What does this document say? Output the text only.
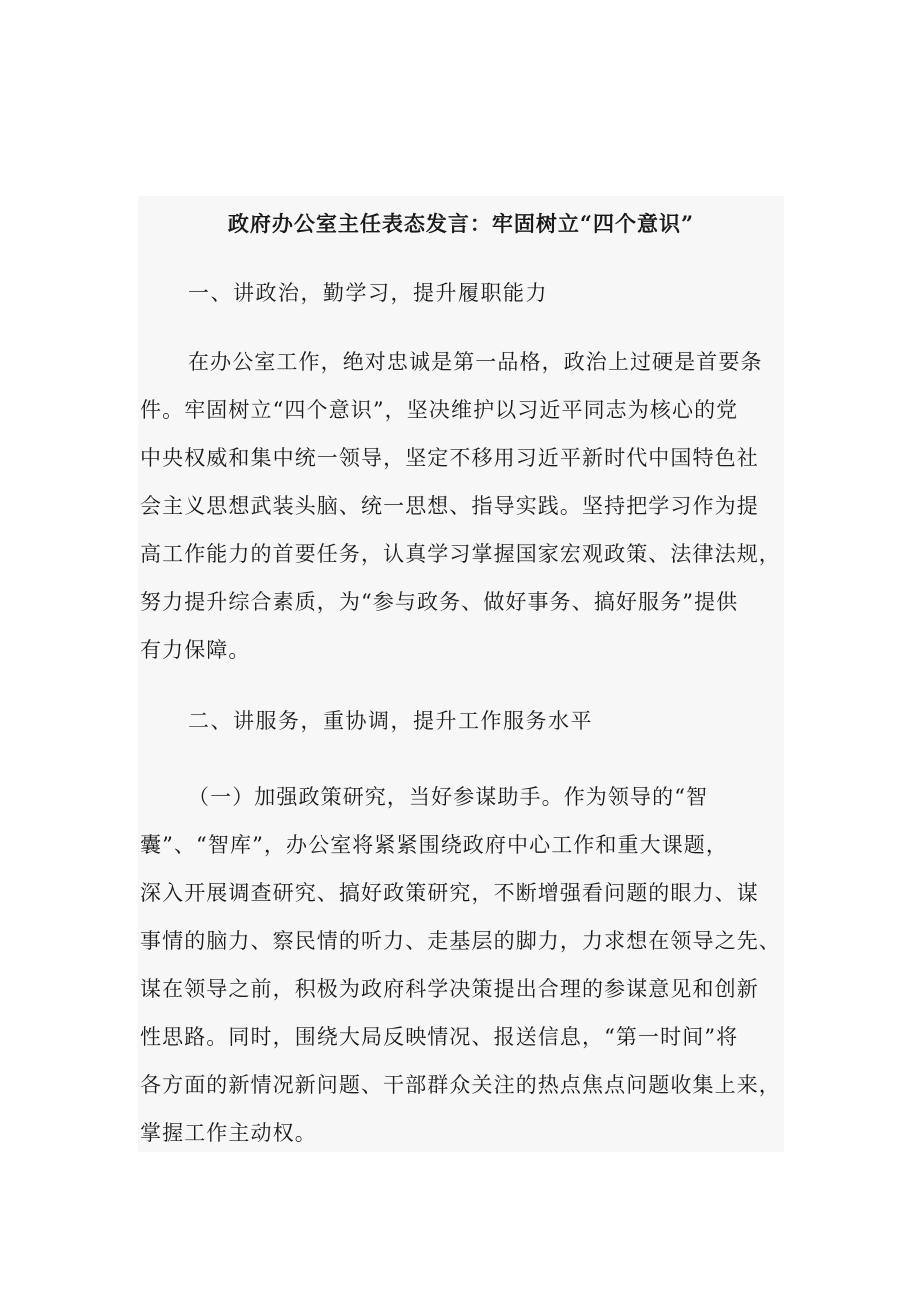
政府办公室主任表态发言：牢固树立“四个意识”
一、讲政治，勤学习，提升履职能力
在办公室工作，绝对忠诚是第一品格，政治上过硬是首要条
件。牢固树立“四个意识”，坚决维护以习近平同志为核心的党
中央权威和集中统一领导，坚定不移用习近平新时代中国特色社
会主义思想武装头脑、统一思想、指导实践。坚持把学习作为提
高工作能力的首要任务，认真学习掌握国家宏观政策、法律法规，
努力提升综合素质，为“参与政务、做好事务、搞好服务”提供
有力保障。
二、讲服务，重协调，提升工作服务水平
（一）加强政策研究，当好参谋助手。作为领导的“智
囊”、“智库”，办公室将紧紧围绕政府中心工作和重大课题，
深入开展调查研究、搞好政策研究，不断增强看问题的眼力、谋
事情的脑力、察民情的听力、走基层的脚力，力求想在领导之先、
谋在领导之前，积极为政府科学决策提出合理的参谋意见和创新
性思路。同时，围绕大局反映情况、报送信息，“第一时间”将
各方面的新情况新问题、干部群众关注的热点焦点问题收集上来，
掌握工作主动权。
